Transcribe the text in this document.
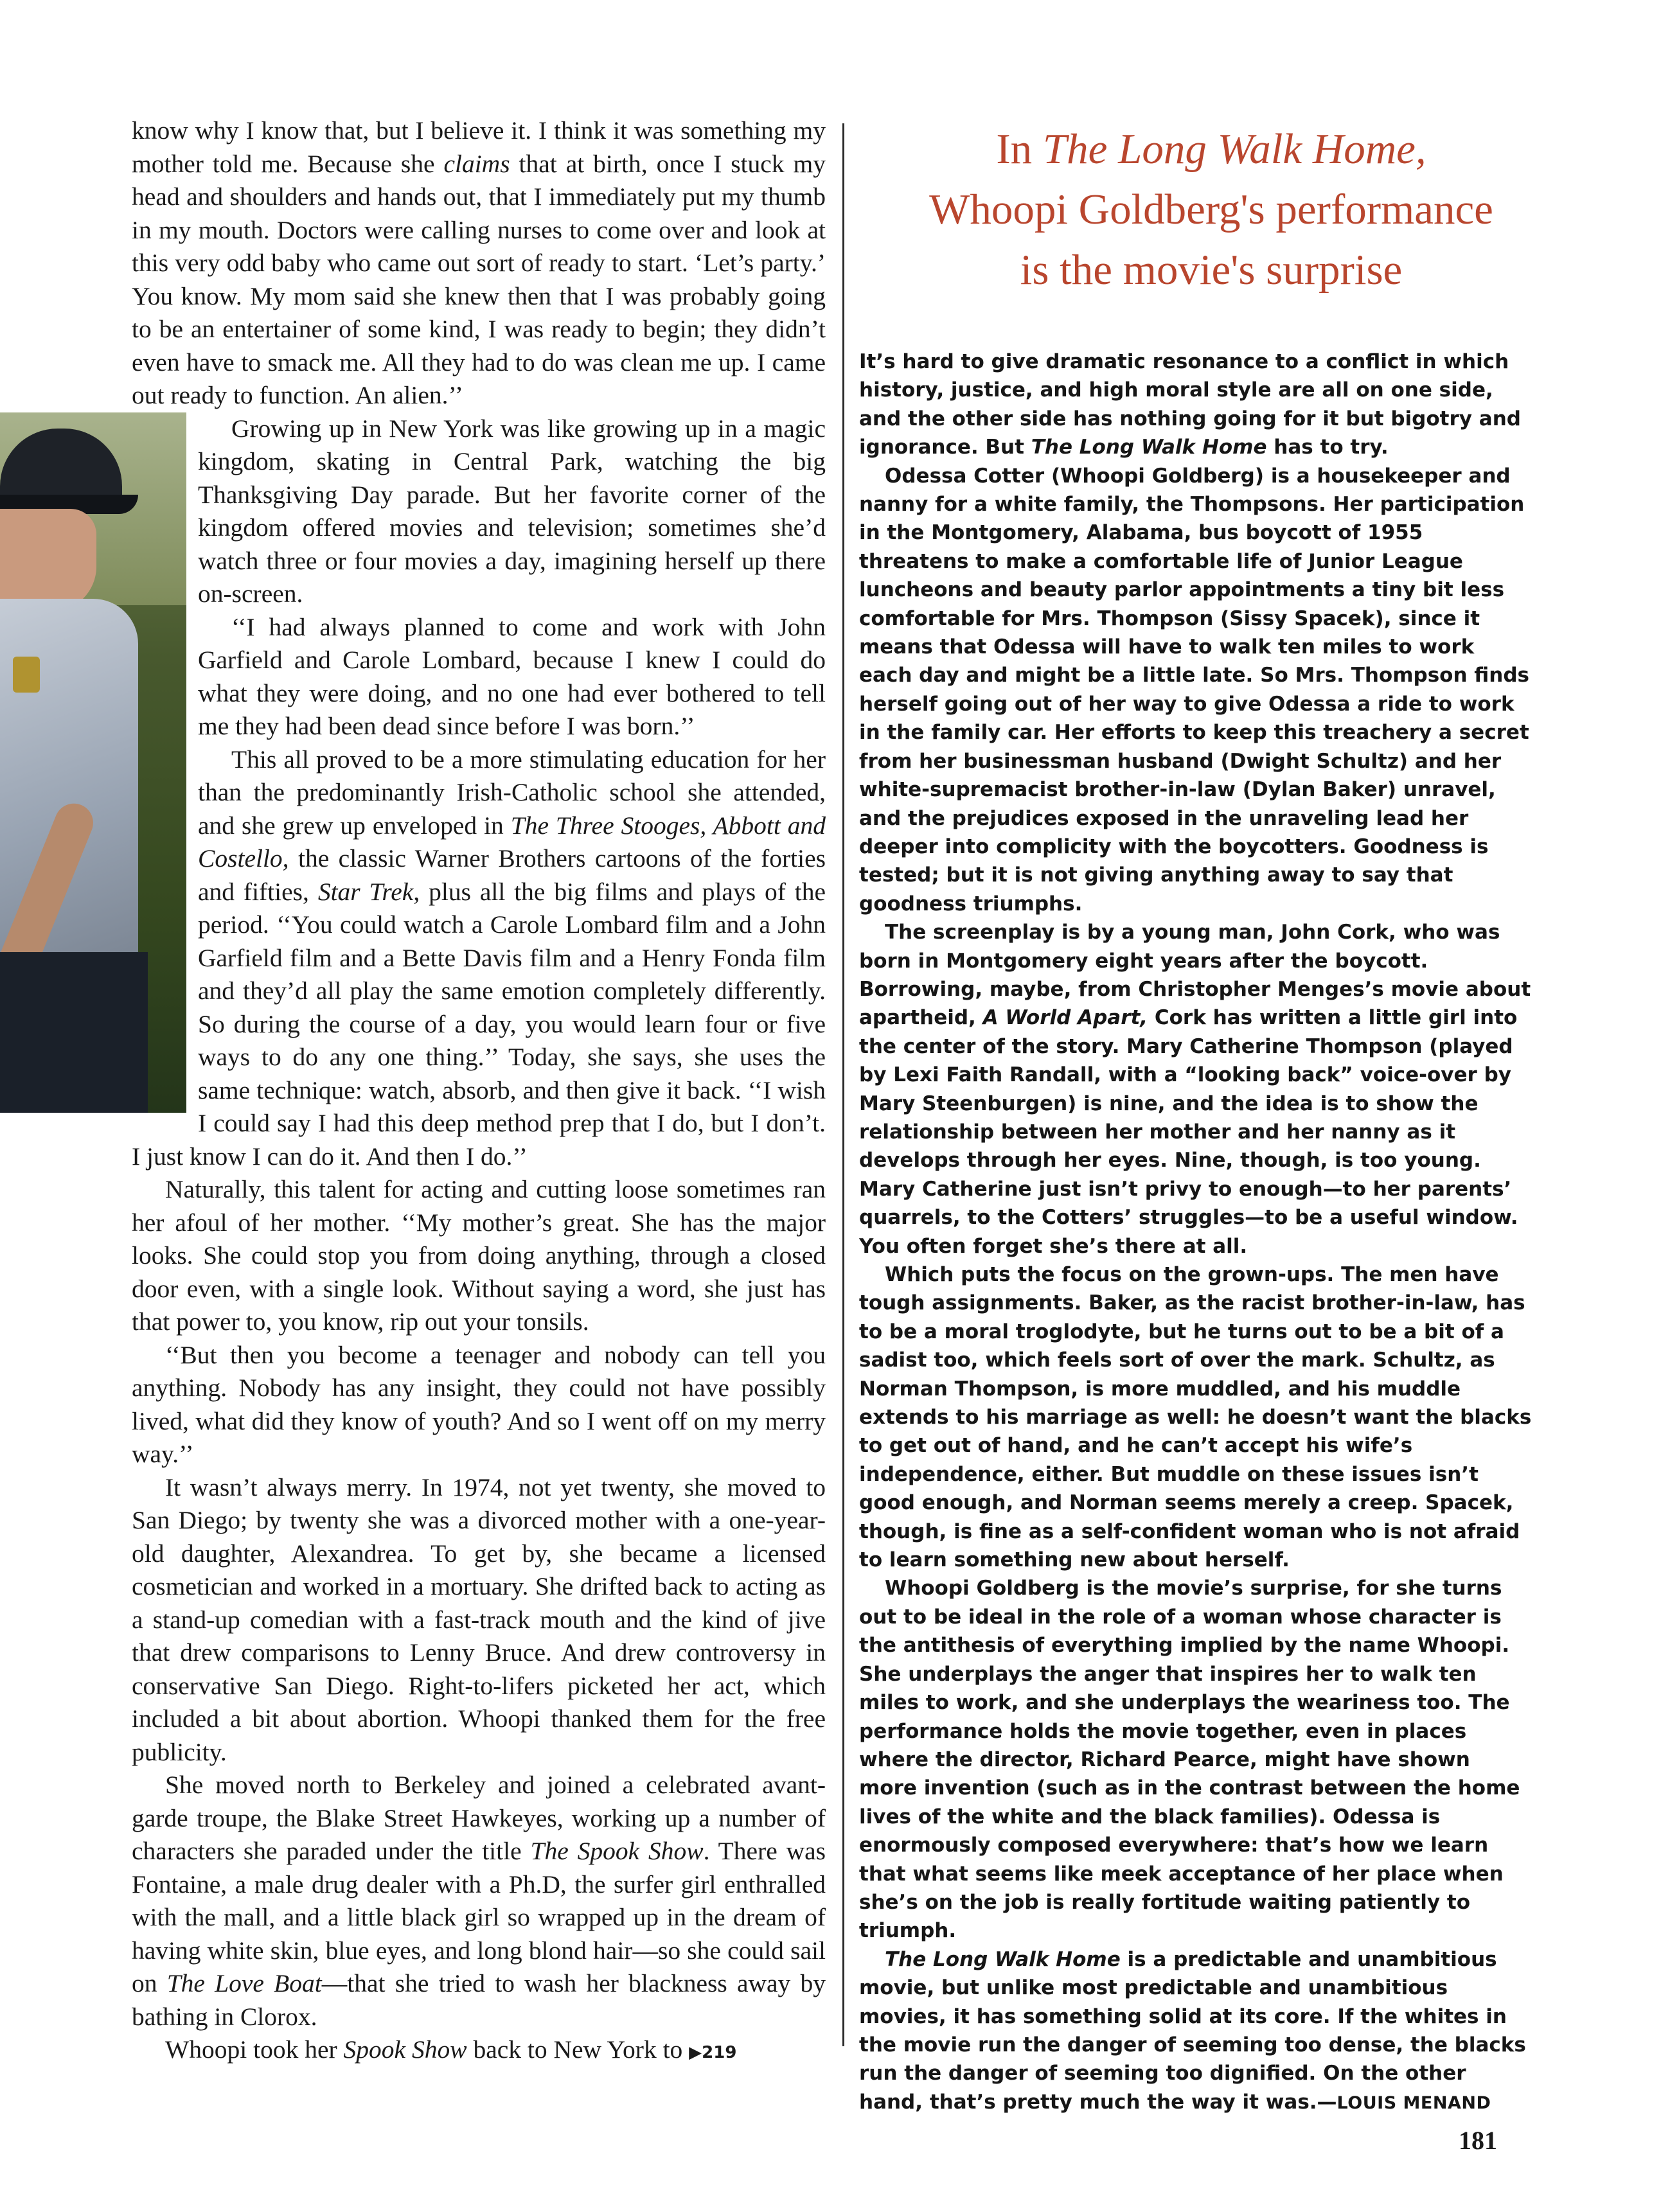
know why I know that, but I believe it. I think it was something my mother told me. Because she claims that at birth, once I stuck my head and shoulders and hands out, that I immediately put my thumb in my mouth. Doctors were calling nurses to come over and look at this very odd baby who came out sort of ready to start. ‘Let’s party.’ You know. My mom said she knew then that I was probably going to be an entertainer of some kind, I was ready to begin; they didn’t even have to smack me. All they had to do was clean me up. I came out ready to function. An alien.’’

Growing up in New York was like growing up in a magic kingdom, skating in Central Park, watching the big Thanksgiving Day parade. But her favorite corner of the kingdom offered movies and television; sometimes she’d watch three or four movies a day, imagining herself up there on-screen.

‘‘I had always planned to come and work with John Garfield and Carole Lombard, because I knew I could do what they were doing, and no one had ever bothered to tell me they had been dead since before I was born.’’

This all proved to be a more stimulating education for her than the predominantly Irish-Catholic school she attended, and she grew up enveloped in The Three Stooges, Abbott and Costello, the classic Warner Brothers cartoons of the forties and fifties, Star Trek, plus all the big films and plays of the period. ‘‘You could watch a Carole Lombard film and a John Garfield film and a Bette Davis film and a Henry Fonda film and they’d all play the same emotion completely differently. So during the course of a day, you would learn four or five ways to do any one thing.’’ Today, she says, she uses the same technique: watch, absorb, and then give it back. ‘‘I wish I could say I had this deep method prep that I do, but I don’t. I just know I can do it. And then I do.’’

Naturally, this talent for acting and cutting loose sometimes ran her afoul of her mother. ‘‘My mother’s great. She has the major looks. She could stop you from doing anything, through a closed door even, with a single look. Without saying a word, she just has that power to, you know, rip out your tonsils.

‘‘But then you become a teenager and nobody can tell you anything. Nobody has any insight, they could not have possibly lived, what did they know of youth? And so I went off on my merry way.’’

It wasn’t always merry. In 1974, not yet twenty, she moved to San Diego; by twenty she was a divorced mother with a one-year-old daughter, Alexandrea. To get by, she became a licensed cosmetician and worked in a mortuary. She drifted back to acting as a stand-up comedian with a fast-track mouth and the kind of jive that drew comparisons to Lenny Bruce. And drew controversy in conservative San Diego. Right-to-lifers picketed her act, which included a bit about abortion. Whoopi thanked them for the free publicity.

She moved north to Berkeley and joined a celebrated avant-garde troupe, the Blake Street Hawkeyes, working up a number of characters she paraded under the title The Spook Show. There was Fontaine, a male drug dealer with a Ph.D, the surfer girl enthralled with the mall, and a little black girl so wrapped up in the dream of having white skin, blue eyes, and long blond hair—so she could sail on The Love Boat—that she tried to wash her blackness away by bathing in Clorox.

Whoopi took her Spook Show back to New York to ▶219

In The Long Walk Home,
Whoopi Goldberg's performance
is the movie's surprise

It’s hard to give dramatic resonance to a conflict in which history, justice, and high moral style are all on one side, and the other side has nothing going for it but bigotry and ignorance. But The Long Walk Home has to try.

Odessa Cotter (Whoopi Goldberg) is a housekeeper and nanny for a white family, the Thompsons. Her participation in the Montgomery, Alabama, bus boycott of 1955 threatens to make a comfortable life of Junior League luncheons and beauty parlor appointments a tiny bit less comfortable for Mrs. Thompson (Sissy Spacek), since it means that Odessa will have to walk ten miles to work each day and might be a little late. So Mrs. Thompson finds herself going out of her way to give Odessa a ride to work in the family car. Her efforts to keep this treachery a secret from her businessman husband (Dwight Schultz) and her white-supremacist brother-in-law (Dylan Baker) unravel, and the prejudices exposed in the unraveling lead her deeper into complicity with the boycotters. Goodness is tested; but it is not giving anything away to say that goodness triumphs.

The screenplay is by a young man, John Cork, who was born in Montgomery eight years after the boycott. Borrowing, maybe, from Christopher Menges’s movie about apartheid, A World Apart, Cork has written a little girl into the center of the story. Mary Catherine Thompson (played by Lexi Faith Randall, with a “looking back” voice-over by Mary Steenburgen) is nine, and the idea is to show the relationship between her mother and her nanny as it develops through her eyes. Nine, though, is too young. Mary Catherine just isn’t privy to enough—to her parents’ quarrels, to the Cotters’ struggles—to be a useful window. You often forget she’s there at all.

Which puts the focus on the grown-ups. The men have tough assignments. Baker, as the racist brother-in-law, has to be a moral troglodyte, but he turns out to be a bit of a sadist too, which feels sort of over the mark. Schultz, as Norman Thompson, is more muddled, and his muddle extends to his marriage as well: he doesn’t want the blacks to get out of hand, and he can’t accept his wife’s independence, either. But muddle on these issues isn’t good enough, and Norman seems merely a creep. Spacek, though, is fine as a self-confident woman who is not afraid to learn something new about herself.

Whoopi Goldberg is the movie’s surprise, for she turns out to be ideal in the role of a woman whose character is the antithesis of everything implied by the name Whoopi. She underplays the anger that inspires her to walk ten miles to work, and she underplays the weariness too. The performance holds the movie together, even in places where the director, Richard Pearce, might have shown more invention (such as in the contrast between the home lives of the white and the black families). Odessa is enormously composed everywhere: that’s how we learn that what seems like meek acceptance of her place when she’s on the job is really fortitude waiting patiently to triumph.

The Long Walk Home is a predictable and unambitious movie, but unlike most predictable and unambitious movies, it has something solid at its core. If the whites in the movie run the danger of seeming too dense, the blacks run the danger of seeming too dignified. On the other hand, that’s pretty much the way it was.—LOUIS MENAND

181
